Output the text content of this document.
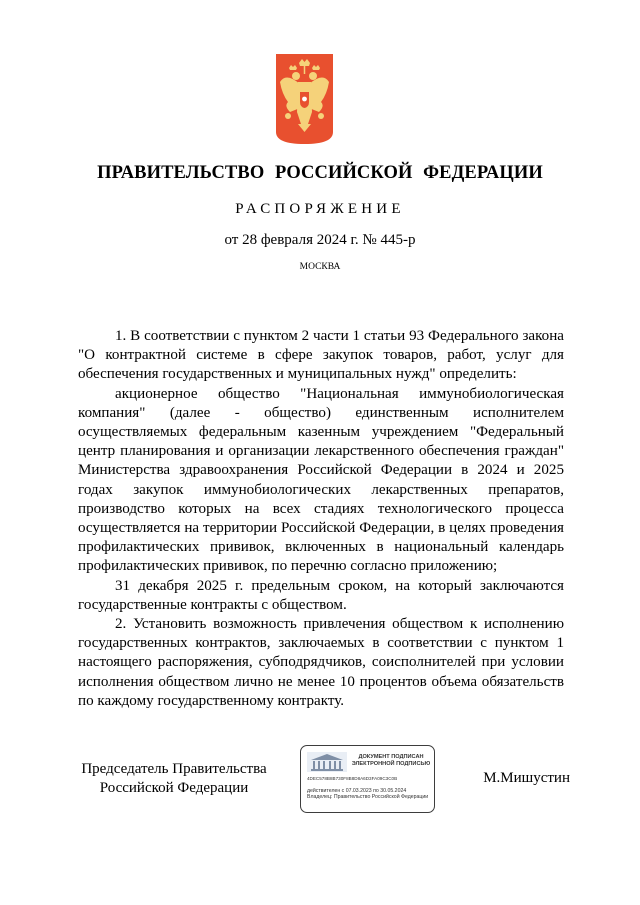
ПРАВИТЕЛЬСТВО РОССИЙСКОЙ ФЕДЕРАЦИИ
РАСПОРЯЖЕНИЕ
от 28 февраля 2024 г. № 445-р
МОСКВА

1. В соответствии с пунктом 2 части 1 статьи 93 Федерального закона "О контрактной системе в сфере закупок товаров, работ, услуг для обеспечения государственных и муниципальных нужд" определить:

акционерное общество "Национальная иммунобиологическая компания" (далее - общество) единственным исполнителем осуществляемых федеральным казенным учреждением "Федеральный центр планирования и организации лекарственного обеспечения граждан" Министерства здравоохранения Российской Федерации в 2024 и 2025 годах закупок иммунобиологических лекарственных препаратов, производство которых на всех стадиях технологического процесса осуществляется на территории Российской Федерации, в целях проведения профилактических прививок, включенных в национальный календарь профилактических прививок, по перечню согласно приложению;

31 декабря 2025 г. предельным сроком, на который заключаются государственные контракты с обществом.

2. Установить возможность привлечения обществом к исполнению государственных контрактов, заключаемых в соответствии с пунктом 1 настоящего распоряжения, субподрядчиков, соисполнителей при условии исполнения обществом лично не менее 10 процентов объема обязательств по каждому государственному контракту.

Председатель Правительства
Российской Федерации
ДОКУМЕНТ ПОДПИСАН
ЭЛЕКТРОННОЙ ПОДПИСЬЮ
4DEC578B8B730F8B8D8A6D3FA09C3C0B
действителен с 07.03.2023 по 30.05.2024
Владелец: Правительство Российской Федерации
М.Мишустин
